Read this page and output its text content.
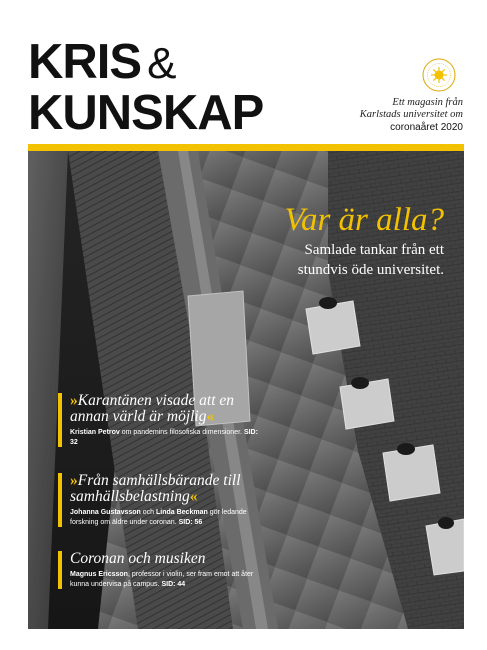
KRIS &
KUNSKAP	Ett magasin från
Karlstads universitet om
coronaåret 2020
Var är alla?
Samlade tankar från ett
stundvis öde universitet.
»Karantänen visade att en annan värld är möjlig«
Kristian Petrov om pandemins filosofiska dimensioner. SID: 32
»Från samhällsbärande till samhällsbelastning«
Johanna Gustavsson och Linda Beckman gör ledande forskning om äldre under coronan. SID: 56
Coronan och musiken
Magnus Ericsson, professor i violin, ser fram emot att åter kunna undervisa på campus. SID: 44
